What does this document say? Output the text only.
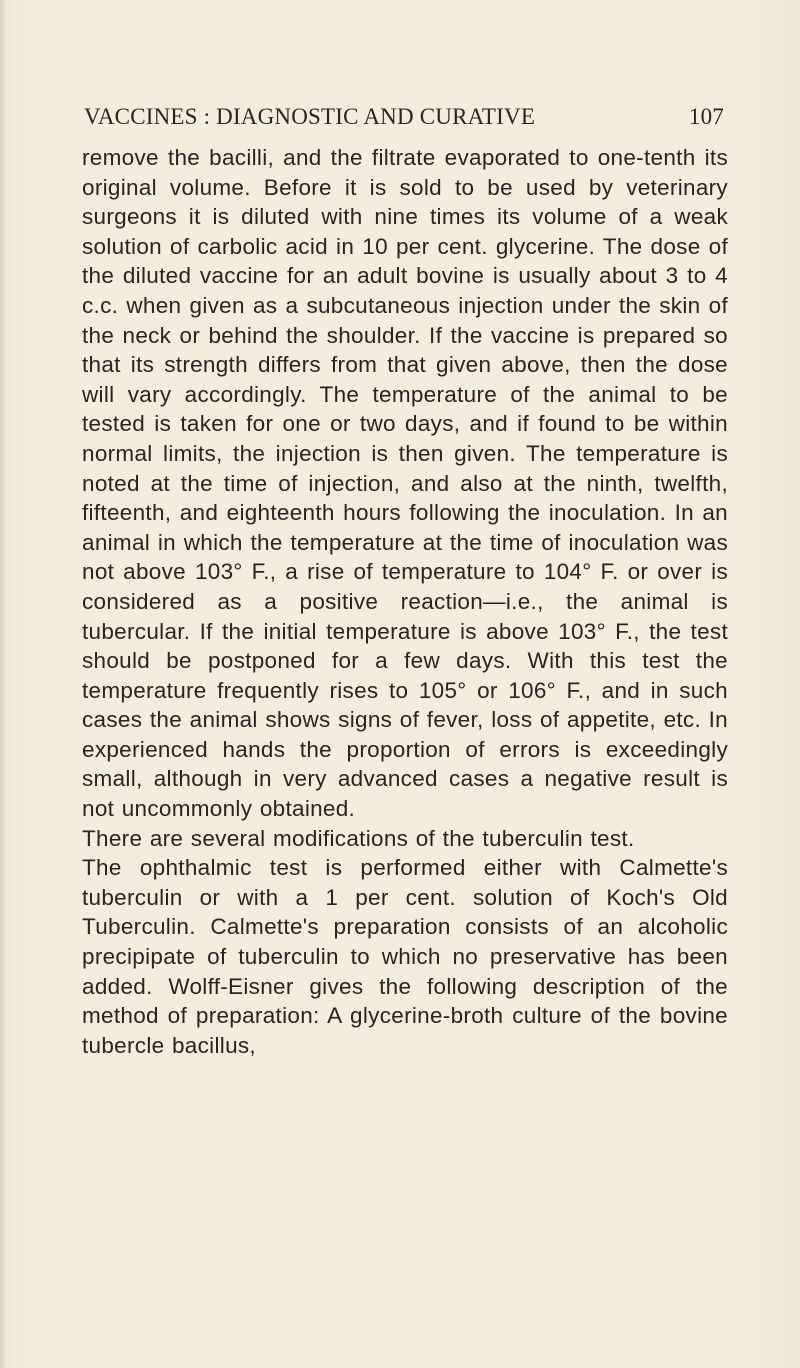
VACCINES : DIAGNOSTIC AND CURATIVE	107

remove the bacilli, and the filtrate evaporated to one-tenth its original volume. Before it is sold to be used by veterinary surgeons it is diluted with nine times its volume of a weak solution of carbolic acid in 10 per cent. glycerine. The dose of the diluted vaccine for an adult bovine is usually about 3 to 4 c.c. when given as a subcutaneous injection under the skin of the neck or behind the shoulder. If the vaccine is prepared so that its strength differs from that given above, then the dose will vary accordingly. The temperature of the animal to be tested is taken for one or two days, and if found to be within normal limits, the injection is then given. The temperature is noted at the time of injection, and also at the ninth, twelfth, fifteenth, and eighteenth hours following the inoculation. In an animal in which the temperature at the time of inoculation was not above 103° F., a rise of temperature to 104° F. or over is considered as a positive reaction—i.e., the animal is tubercular. If the initial temperature is above 103° F., the test should be postponed for a few days. With this test the temperature frequently rises to 105° or 106° F., and in such cases the animal shows signs of fever, loss of appetite, etc. In experienced hands the proportion of errors is exceedingly small, although in very advanced cases a negative result is not uncommonly obtained.

There are several modifications of the tuberculin test.

The ophthalmic test is performed either with Calmette's tuberculin or with a 1 per cent. solution of Koch's Old Tuberculin. Calmette's preparation consists of an alcoholic precipipate of tuberculin to which no preservative has been added. Wolff-Eisner gives the following description of the method of preparation: A glycerine-broth culture of the bovine tubercle bacillus,
